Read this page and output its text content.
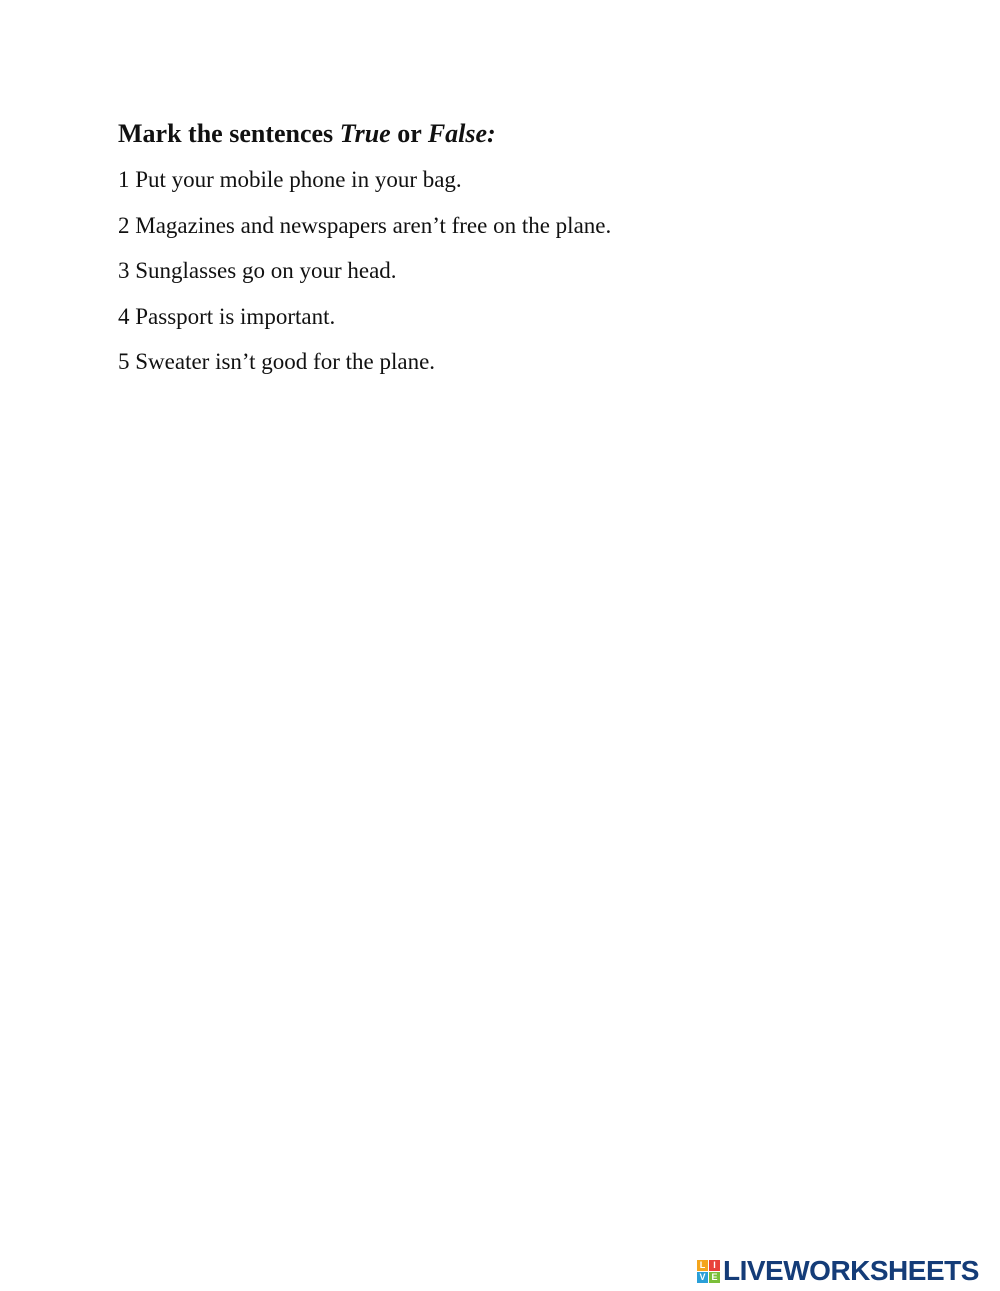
Mark the sentences True or False:

1 Put your mobile phone in your bag.

2 Magazines and newspapers aren’t free on the plane.

3 Sunglasses go on your head.

4 Passport is important.

5 Sweater isn’t good for the plane.

L I
V E LIVEWORKSHEETS
